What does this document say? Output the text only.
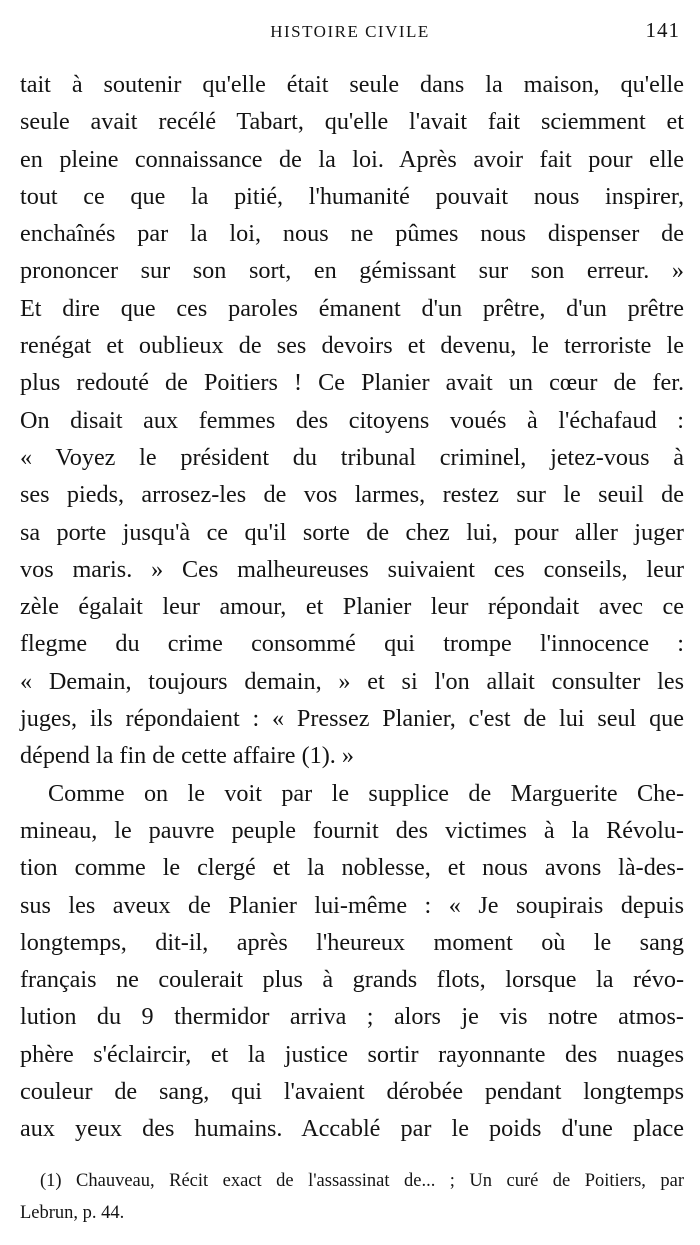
HISTOIRE CIVILE	141
tait à soutenir qu'elle était seule dans la maison, qu'elle
seule avait recélé Tabart, qu'elle l'avait fait sciemment et
en pleine connaissance de la loi. Après avoir fait pour elle
tout ce que la pitié, l'humanité pouvait nous inspirer,
enchaînés par la loi, nous ne pûmes nous dispenser de
prononcer sur son sort, en gémissant sur son erreur. »
Et dire que ces paroles émanent d'un prêtre, d'un prêtre
renégat et oublieux de ses devoirs et devenu, le terroriste le
plus redouté de Poitiers ! Ce Planier avait un cœur de fer.
On disait aux femmes des citoyens voués à l'échafaud :
« Voyez le président du tribunal criminel, jetez-vous à
ses pieds, arrosez-les de vos larmes, restez sur le seuil de
sa porte jusqu'à ce qu'il sorte de chez lui, pour aller juger
vos maris. » Ces malheureuses suivaient ces conseils, leur
zèle égalait leur amour, et Planier leur répondait avec ce
flegme du crime consommé qui trompe l'innocence :
« Demain, toujours demain, » et si l'on allait consulter les
juges, ils répondaient : « Pressez Planier, c'est de lui seul que
dépend la fin de cette affaire (1). »
Comme on le voit par le supplice de Marguerite Che-
mineau, le pauvre peuple fournit des victimes à la Révolu-
tion comme le clergé et la noblesse, et nous avons là-des-
sus les aveux de Planier lui-même : « Je soupirais depuis
longtemps, dit-il, après l'heureux moment où le sang
français ne coulerait plus à grands flots, lorsque la révo-
lution du 9 thermidor arriva ; alors je vis notre atmos-
phère s'éclaircir, et la justice sortir rayonnante des nuages
couleur de sang, qui l'avaient dérobée pendant longtemps
aux yeux des humains. Accablé par le poids d'une place
(1) Chauveau, Récit exact de l'assassinat de... ; Un curé de Poitiers, par
Lebrun, p. 44.
